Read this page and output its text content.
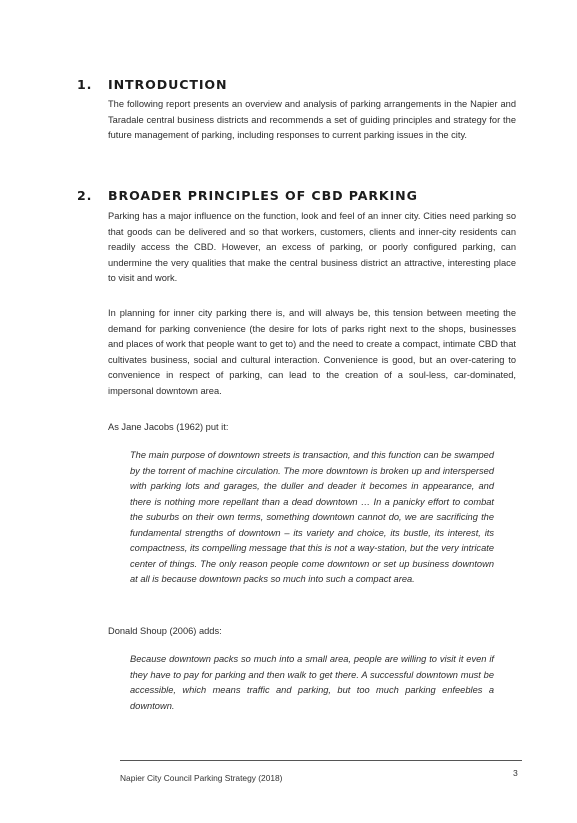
1. INTRODUCTION

The following report presents an overview and analysis of parking arrangements in the Napier and Taradale central business districts and recommends a set of guiding principles and strategy for the future management of parking, including responses to current parking issues in the city.

2. BROADER PRINCIPLES OF CBD PARKING

Parking has a major influence on the function, look and feel of an inner city. Cities need parking so that goods can be delivered and so that workers, customers, clients and inner-city residents can readily access the CBD. However, an excess of parking, or poorly configured parking, can undermine the very qualities that make the central business district an attractive, interesting place to visit and work.

In planning for inner city parking there is, and will always be, this tension between meeting the demand for parking convenience (the desire for lots of parks right next to the shops, businesses and places of work that people want to get to) and the need to create a compact, intimate CBD that cultivates business, social and cultural interaction. Convenience is good, but an over-catering to convenience in respect of parking, can lead to the creation of a soul-less, car-dominated, impersonal downtown area.

As Jane Jacobs (1962) put it:

The main purpose of downtown streets is transaction, and this function can be swamped by the torrent of machine circulation. The more downtown is broken up and interspersed with parking lots and garages, the duller and deader it becomes in appearance, and there is nothing more repellant than a dead downtown … In a panicky effort to combat the suburbs on their own terms, something downtown cannot do, we are sacrificing the fundamental strengths of downtown – its variety and choice, its bustle, its interest, its compactness, its compelling message that this is not a way-station, but the very intricate center of things. The only reason people come downtown or set up business downtown at all is because downtown packs so much into such a compact area.

Donald Shoup (2006) adds:

Because downtown packs so much into a small area, people are willing to visit it even if they have to pay for parking and then walk to get there. A successful downtown must be accessible, which means traffic and parking, but too much parking enfeebles a downtown.

Napier City Council Parking Strategy (2018)	3
